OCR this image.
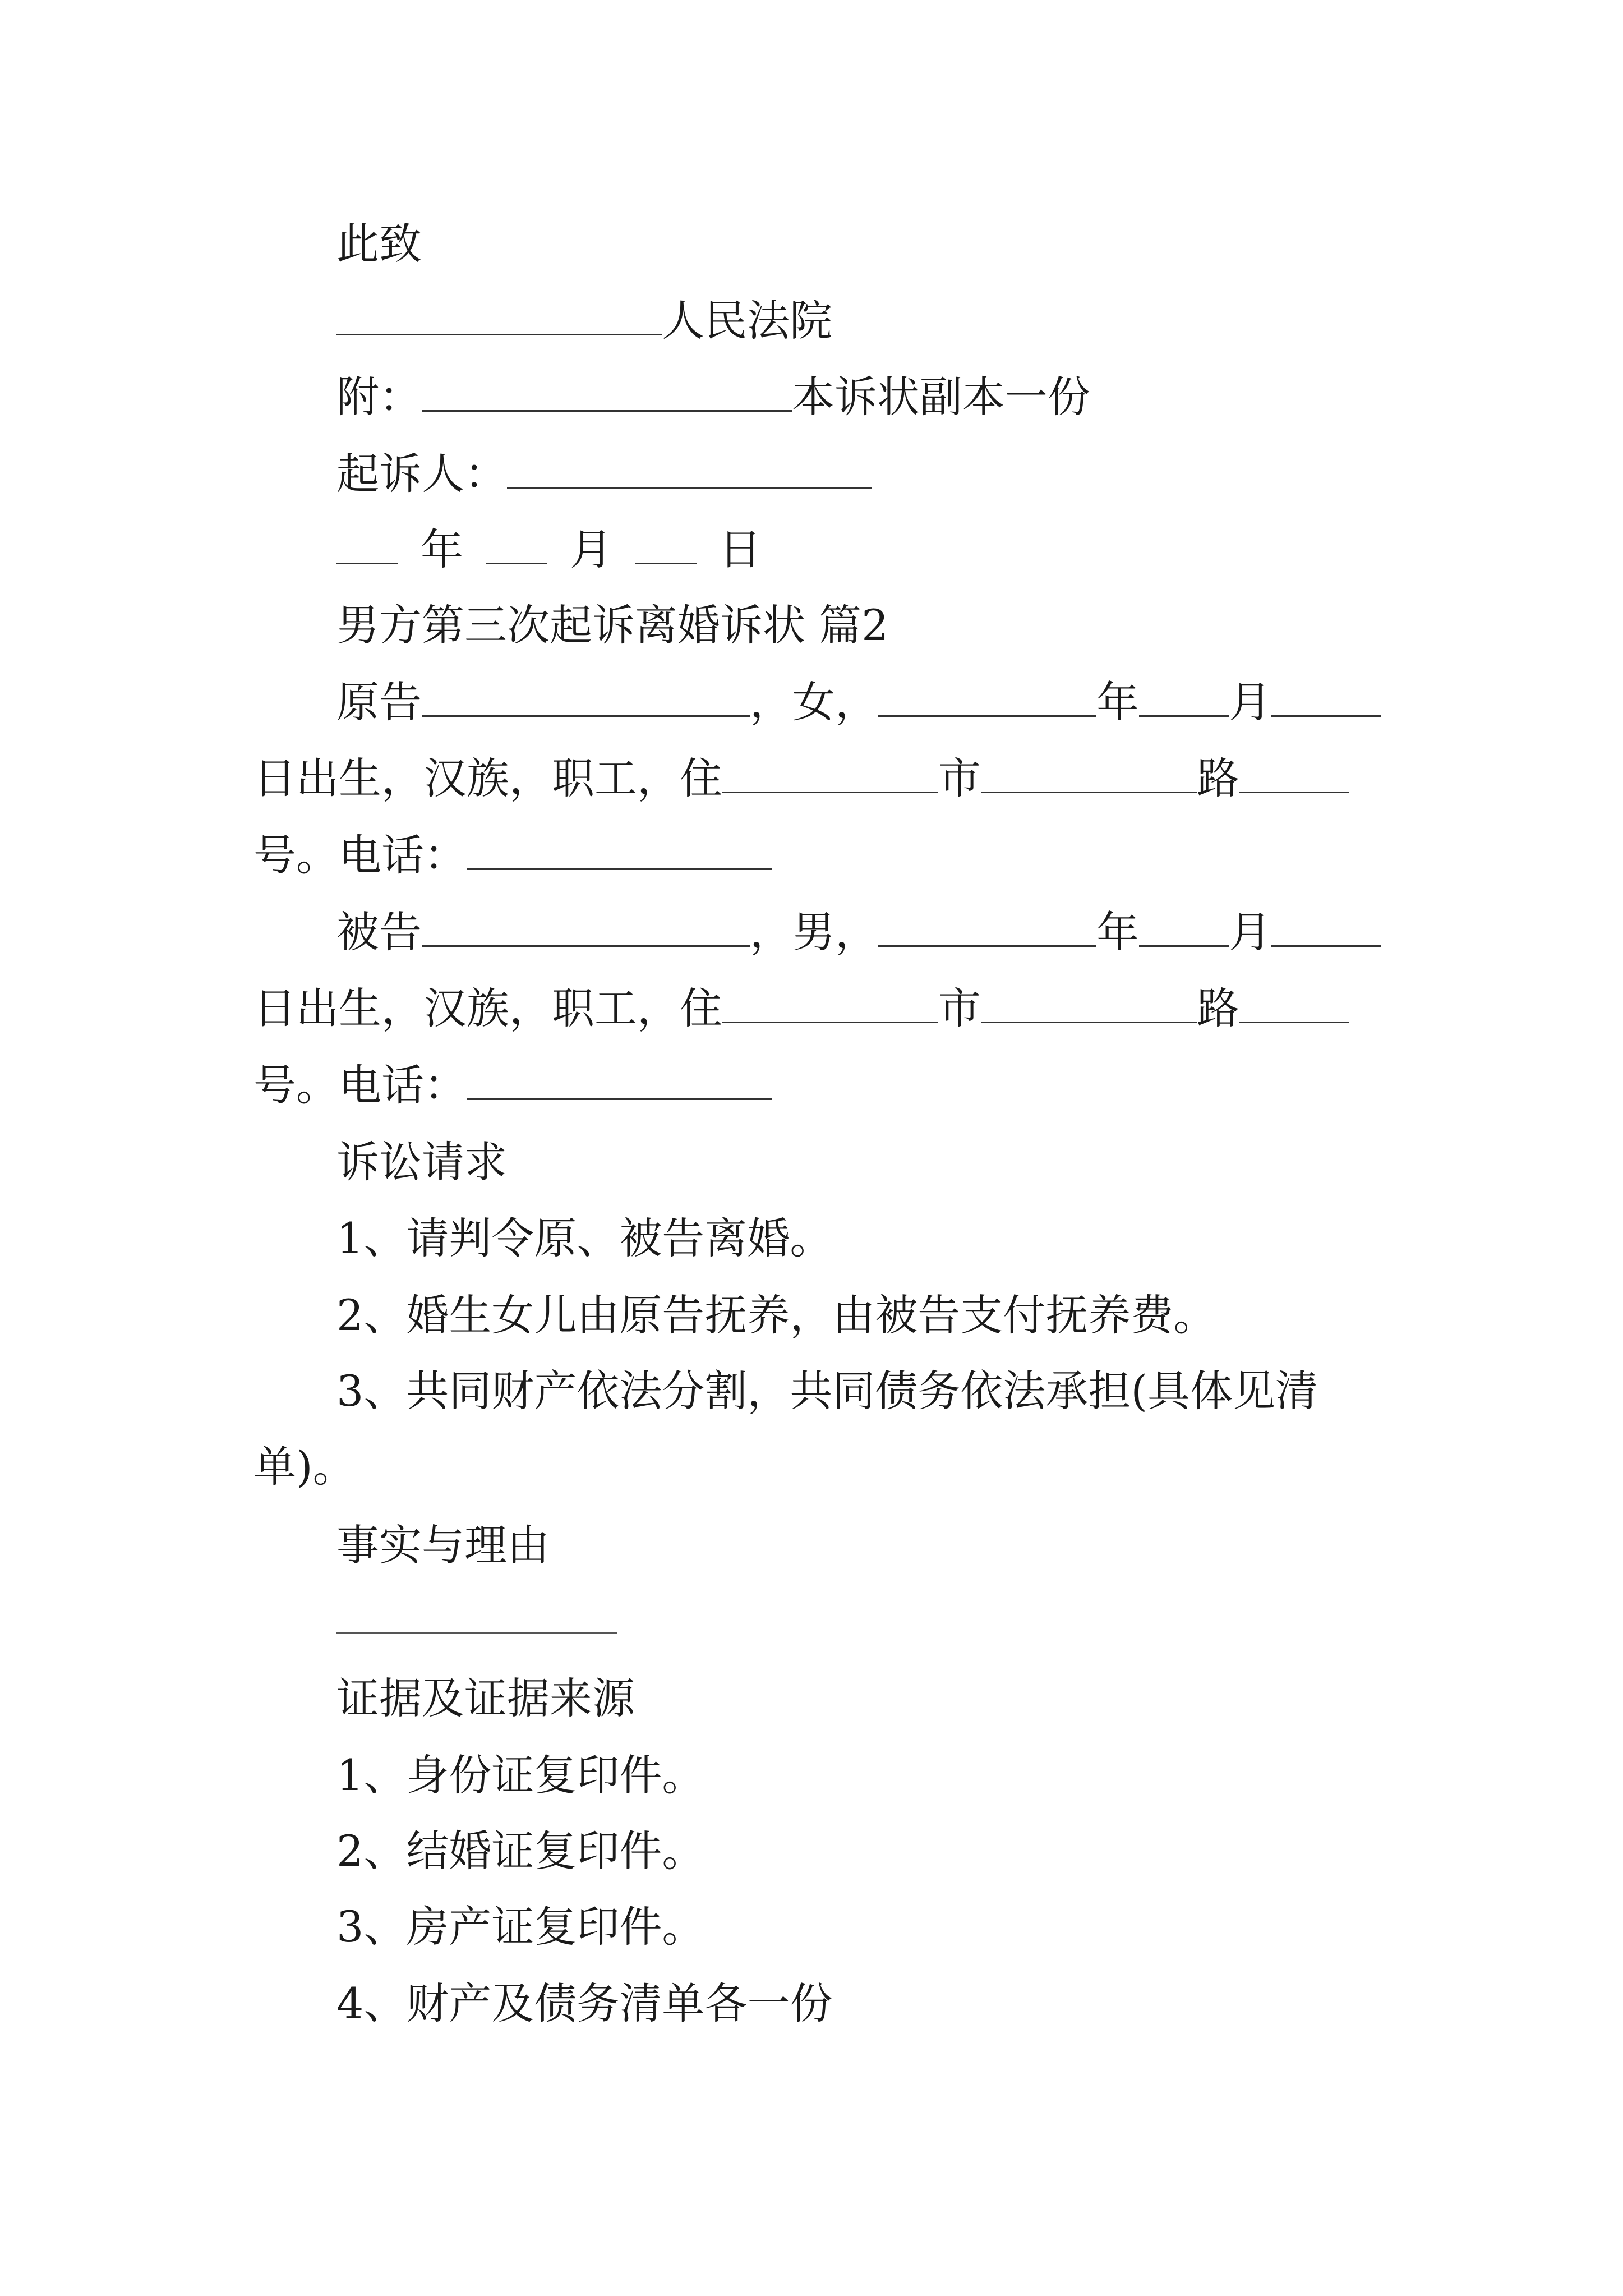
此致
人民法院
附：	本诉状副本一份
起诉人：
年	月	日
男方第三次起诉离婚诉状 篇2
原告	，女，	年 月
日出生，汉族，职工，住	市	路
号。电话：
被告	，男，	年 月
日出生，汉族，职工，住	市	路
号。电话：
诉讼请求
1、请判令原、被告离婚。
2、婚生女儿由原告抚养，由被告支付抚养费。
3、共同财产依法分割，共同债务依法承担(具体见清
单)。
事实与理由
证据及证据来源
1、身份证复印件。
2、结婚证复印件。
3、房产证复印件。
4、财产及债务清单各一份
